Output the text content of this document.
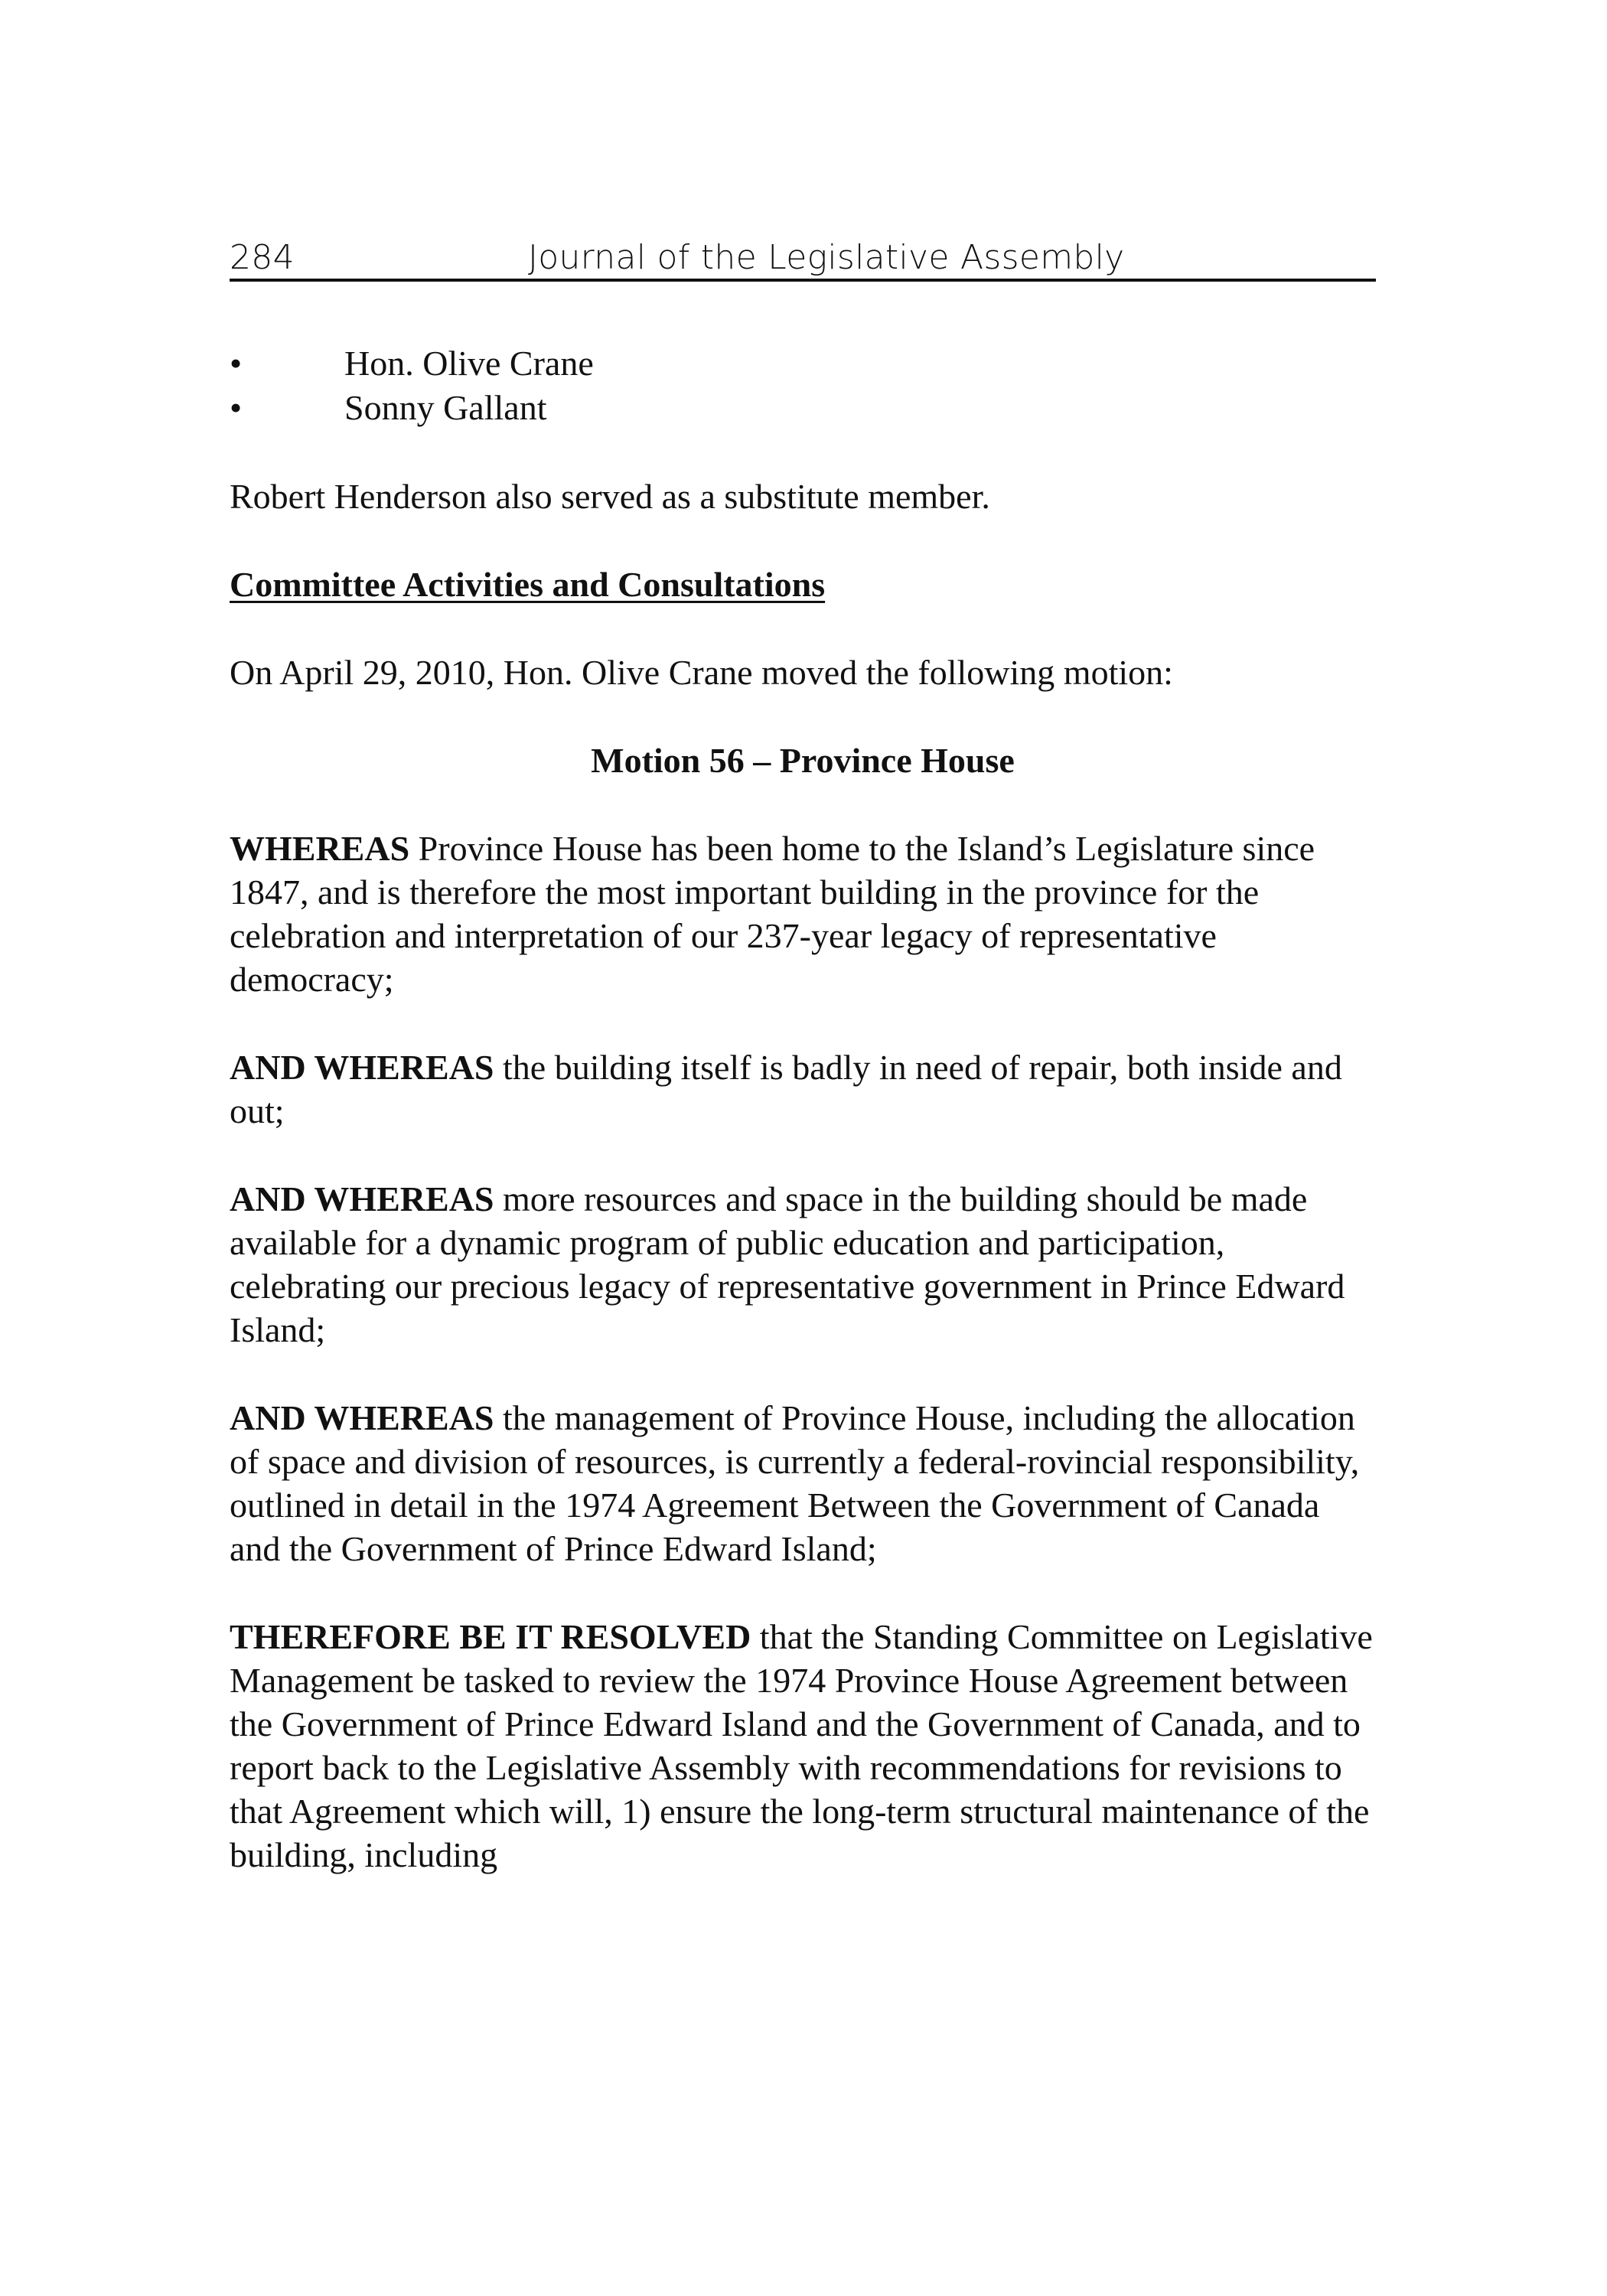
284	Journal of the Legislative Assembly
•	Hon. Olive Crane
•	Sonny Gallant

Robert Henderson also served as a substitute member.

Committee Activities and Consultations

On April 29, 2010, Hon. Olive Crane moved the following motion:

Motion 56 – Province House

WHEREAS Province House has been home to the Island’s Legislature since 1847, and is therefore the most important building in the province for the celebration and interpretation of our 237-year legacy of representative democracy;

AND WHEREAS the building itself is badly in need of repair, both inside and out;

AND WHEREAS more resources and space in the building should be made available for a dynamic program of public education and participation, celebrating our precious legacy of representative government in Prince Edward Island;

AND WHEREAS the management of Province House, including the allocation of space and division of resources, is currently a federal-rovincial responsibility, outlined in detail in the 1974 Agreement Between the Government of Canada and the Government of Prince Edward Island;

THEREFORE BE IT RESOLVED that the Standing Committee on Legislative Management be tasked to review the 1974 Province House Agreement between the Government of Prince Edward Island and the Government of Canada, and to report back to the Legislative Assembly with recommendations for revisions to that Agreement which will, 1) ensure the long-term structural maintenance of the building, including
